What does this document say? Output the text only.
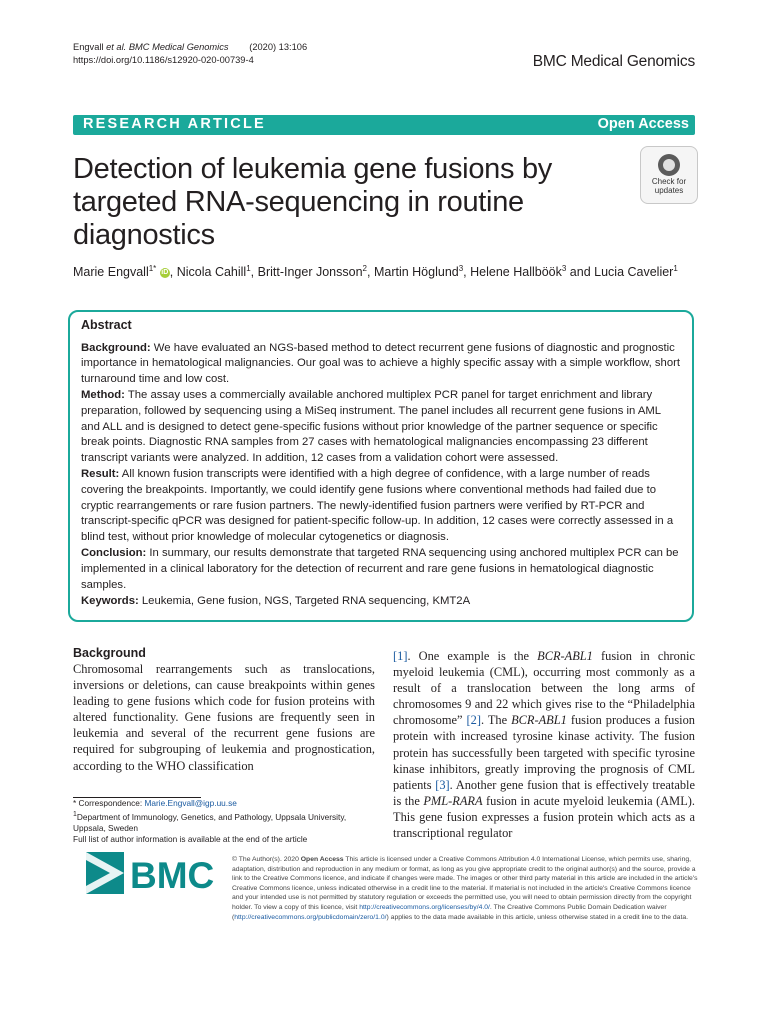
Engvall et al. BMC Medical Genomics (2020) 13:106
https://doi.org/10.1186/s12920-020-00739-4	BMC Medical Genomics
RESEARCH ARTICLE	Open Access
Detection of leukemia gene fusions by targeted RNA-sequencing in routine diagnostics
Check for
updates
Marie Engvall$^{1*}$ iD , Nicola Cahill$^1$, Britt-Inger Jonsson$^2$, Martin Höglund$^3$, Helene Hallböök$^3$ and Lucia Cavelier$^1$
Abstract

Background: We have evaluated an NGS-based method to detect recurrent gene fusions of diagnostic and prognostic importance in hematological malignancies. Our goal was to achieve a highly specific assay with a simple workflow, short turnaround time and low cost.

Method: The assay uses a commercially available anchored multiplex PCR panel for target enrichment and library preparation, followed by sequencing using a MiSeq instrument. The panel includes all recurrent gene fusions in AML and ALL and is designed to detect gene-specific fusions without prior knowledge of the partner sequence or specific break points. Diagnostic RNA samples from 27 cases with hematological malignancies encompassing 23 different transcript variants were analyzed. In addition, 12 cases from a validation cohort were assessed.

Result: All known fusion transcripts were identified with a high degree of confidence, with a large number of reads covering the breakpoints. Importantly, we could identify gene fusions where conventional methods had failed due to cryptic rearrangements or rare fusion partners. The newly-identified fusion partners were verified by RT-PCR and transcript-specific qPCR was designed for patient-specific follow-up. In addition, 12 cases were correctly assessed in a blind test, without prior knowledge of molecular cytogenetics or diagnosis.

Conclusion: In summary, our results demonstrate that targeted RNA sequencing using anchored multiplex PCR can be implemented in a clinical laboratory for the detection of recurrent and rare gene fusions in hematological diagnostic samples.

Keywords: Leukemia, Gene fusion, NGS, Targeted RNA sequencing, KMT2A

Background
Chromosomal rearrangements such as translocations, inversions or deletions, can cause breakpoints within genes leading to gene fusions which code for fusion proteins with altered functionality. Gene fusions are frequently seen in leukemia and several of the recurrent gene fusions are required for subgrouping of leukemia and prognostication, according to the WHO classification
[1]. One example is the BCR-ABL1 fusion in chronic myeloid leukemia (CML), occurring most commonly as a result of a translocation between the long arms of chromosomes 9 and 22 which gives rise to the “Philadelphia chromosome” [2]. The BCR-ABL1 fusion produces a fusion protein with increased tyrosine kinase activity. The fusion protein has successfully been targeted with specific tyrosine kinase inhibitors, greatly improving the prognosis of CML patients [3]. Another gene fusion that is effectively treatable is the PML-RARA fusion in acute myeloid leukemia (AML). This gene fusion expresses a fusion protein which acts as a transcriptional regulator
* Correspondence: Marie.Engvall@igp.uu.se
$^1$Department of Immunology, Genetics, and Pathology, Uppsala University, Uppsala, Sweden
Full list of author information is available at the end of the article
BMC	© The Author(s). 2020 Open Access This article is licensed under a Creative Commons Attribution 4.0 International License, which permits use, sharing, adaptation, distribution and reproduction in any medium or format, as long as you give appropriate credit to the original author(s) and the source, provide a link to the Creative Commons licence, and indicate if changes were made. The images or other third party material in this article are included in the article's Creative Commons licence, unless indicated otherwise in a credit line to the material. If material is not included in the article's Creative Commons licence and your intended use is not permitted by statutory regulation or exceeds the permitted use, you will need to obtain permission directly from the copyright holder. To view a copy of this licence, visit http://creativecommons.org/licenses/by/4.0/. The Creative Commons Public Domain Dedication waiver (http://creativecommons.org/publicdomain/zero/1.0/) applies to the data made available in this article, unless otherwise stated in a credit line to the data.
